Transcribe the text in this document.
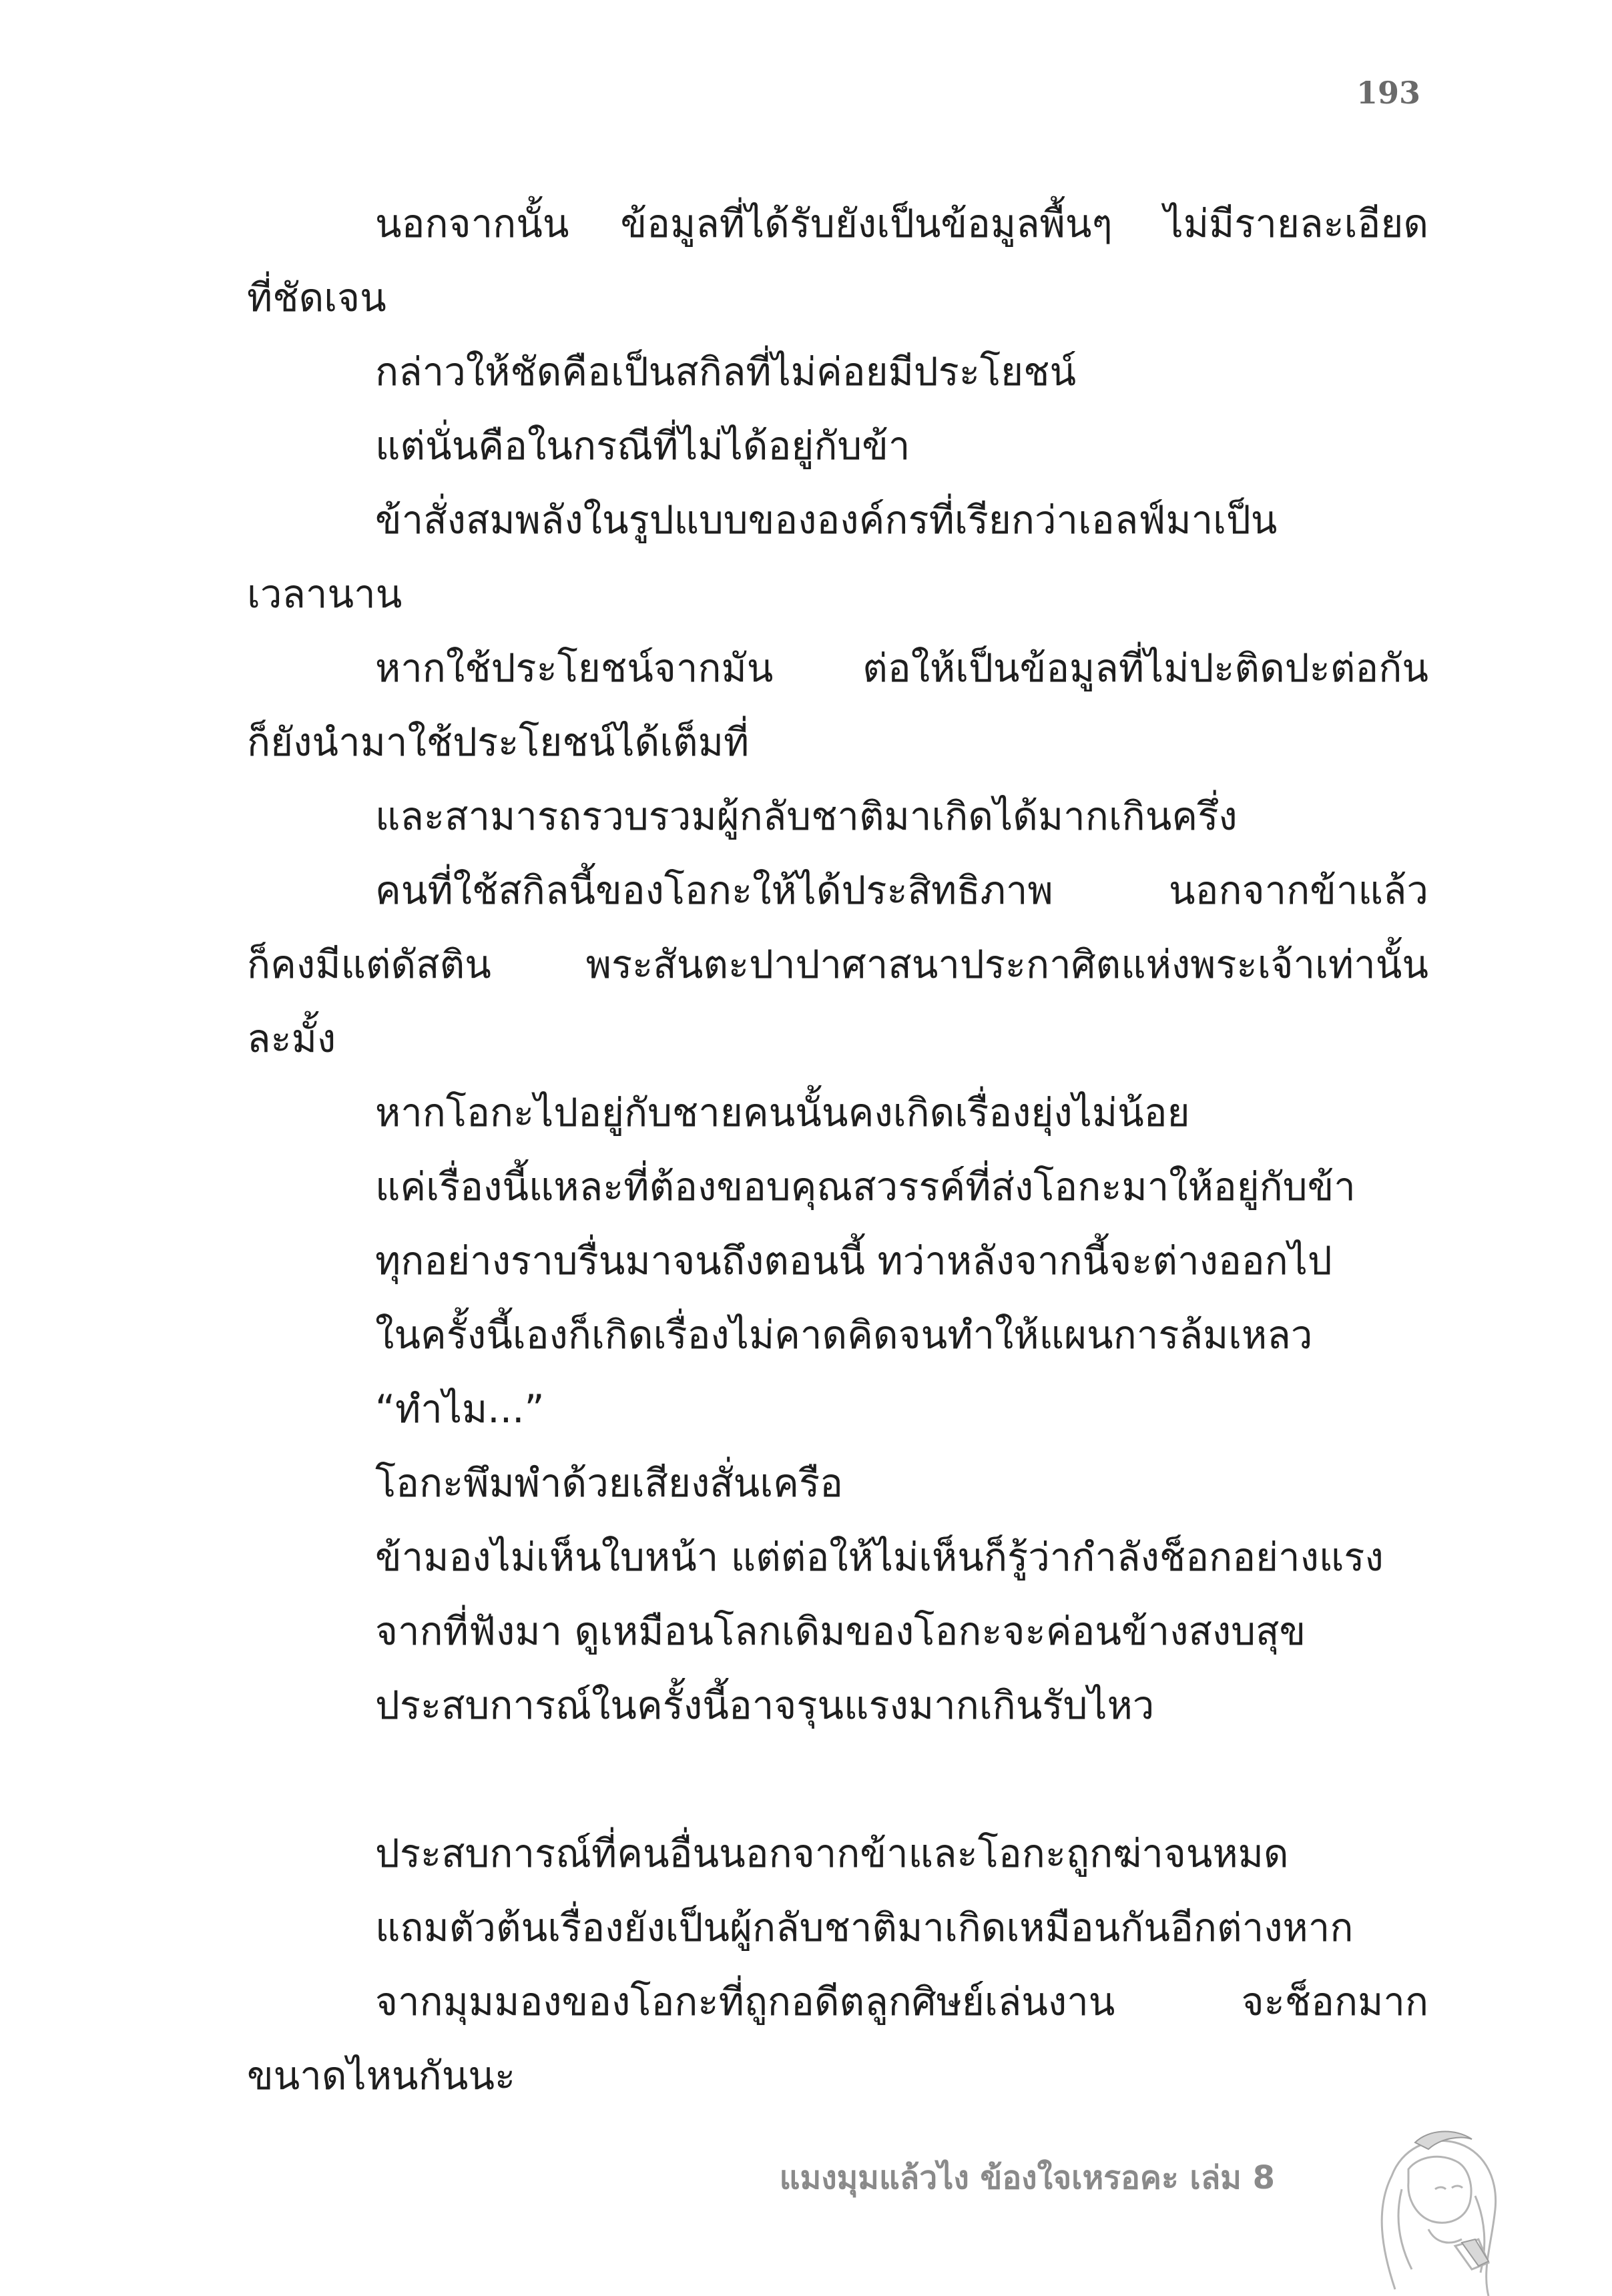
193
นอกจากนั้น ข้อมูลที่ได้รับยังเป็นข้อมูลพื้นๆ ไม่มีรายละเอียด
ที่ชัดเจน
กล่าวให้ชัดคือเป็นสกิลที่ไม่ค่อยมีประโยชน์
แต่นั่นคือในกรณีที่ไม่ได้อยู่กับข้า
ข้าสั่งสมพลังในรูปแบบขององค์กรที่เรียกว่าเอลฟ์มาเป็น
เวลานาน
หากใช้ประโยชน์จากมัน ต่อให้เป็นข้อมูลที่ไม่ปะติดปะต่อกัน
ก็ยังนำมาใช้ประโยชน์ได้เต็มที่
และสามารถรวบรวมผู้กลับชาติมาเกิดได้มากเกินครึ่ง
คนที่ใช้สกิลนี้ของโอกะให้ได้ประสิทธิภาพ นอกจากข้าแล้ว
ก็คงมีแต่ดัสติน พระสันตะปาปาศาสนาประกาศิตแห่งพระเจ้าเท่านั้น
ละมั้ง
หากโอกะไปอยู่กับชายคนนั้นคงเกิดเรื่องยุ่งไม่น้อย
แค่เรื่องนี้แหละที่ต้องขอบคุณสวรรค์ที่ส่งโอกะมาให้อยู่กับข้า
ทุกอย่างราบรื่นมาจนถึงตอนนี้ ทว่าหลังจากนี้จะต่างออกไป
ในครั้งนี้เองก็เกิดเรื่องไม่คาดคิดจนทำให้แผนการล้มเหลว
“ทำไม...”
โอกะพึมพำด้วยเสียงสั่นเครือ
ข้ามองไม่เห็นใบหน้า แต่ต่อให้ไม่เห็นก็รู้ว่ากำลังช็อกอย่างแรง
จากที่ฟังมา ดูเหมือนโลกเดิมของโอกะจะค่อนข้างสงบสุข
ประสบการณ์ในครั้งนี้อาจรุนแรงมากเกินรับไหว
ประสบการณ์ที่คนอื่นนอกจากข้าและโอกะถูกฆ่าจนหมด
แถมตัวต้นเรื่องยังเป็นผู้กลับชาติมาเกิดเหมือนกันอีกต่างหาก
จากมุมมองของโอกะที่ถูกอดีตลูกศิษย์เล่นงาน จะช็อกมาก
ขนาดไหนกันนะ
แมงมุมแล้วไง ข้องใจเหรอคะ เล่ม 8
